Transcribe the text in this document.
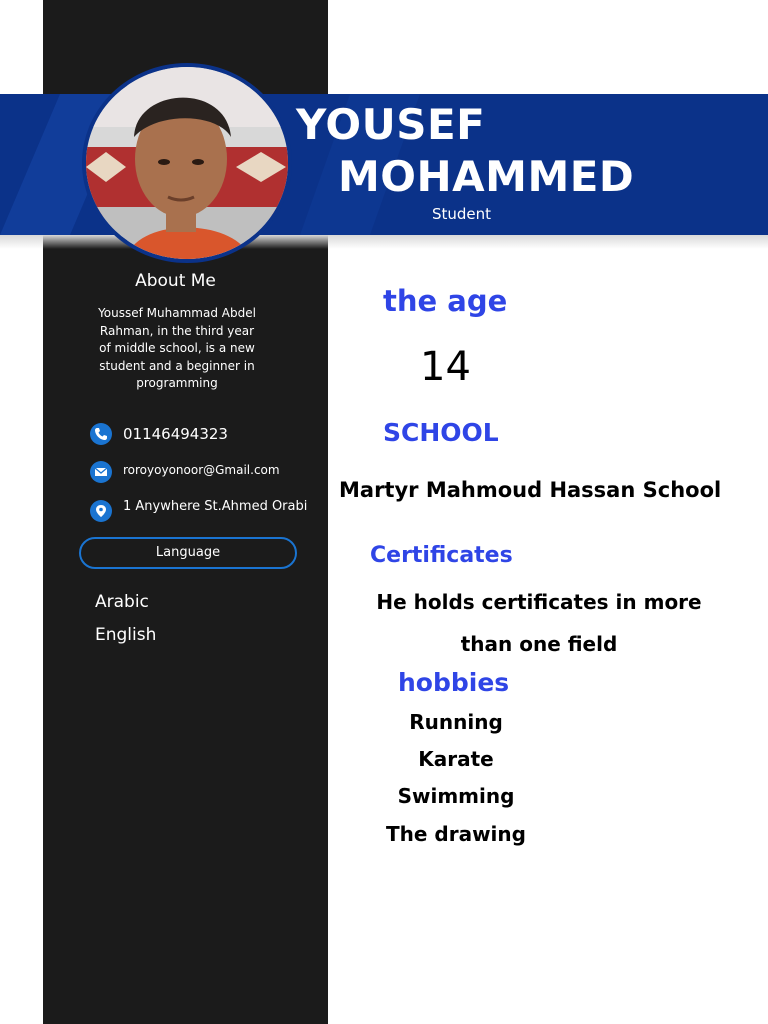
YOUSEF
MOHAMMED
Student
About Me
Youssef Muhammad Abdel Rahman, in the third year of middle school, is a new student and a beginner in programming
01146494323
roroyoyonoor@Gmail.com
1 Anywhere St.Ahmed Orabi
Language
Arabic
English
the age
14
SCHOOL
Martyr Mahmoud Hassan School
Certificates
He holds certificates in more
than one field
hobbies
Running
Karate
Swimming
The drawing
